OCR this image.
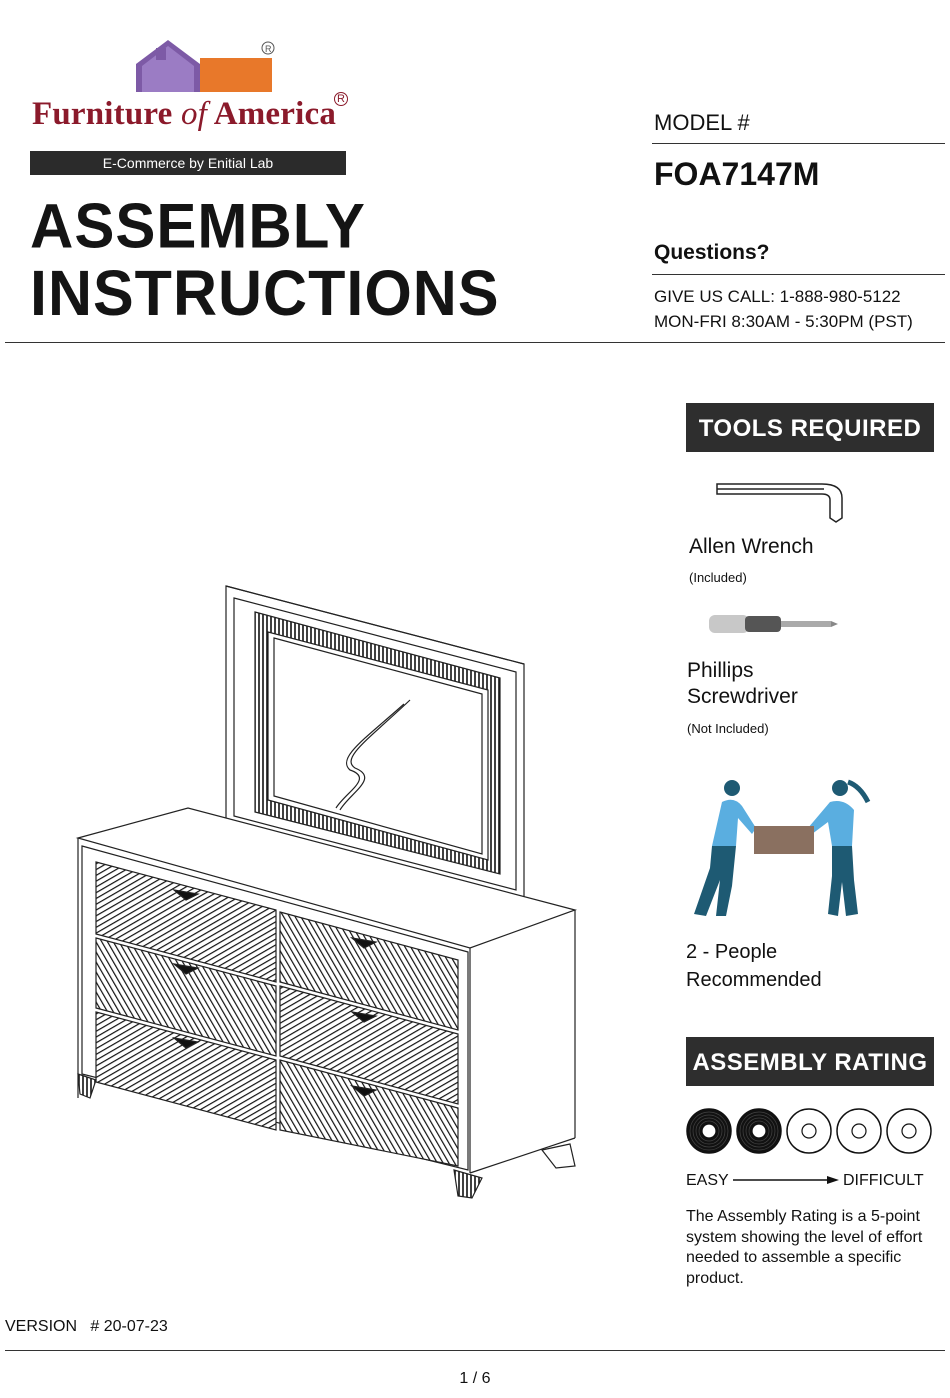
R
Furniture of America R
E-Commerce by Enitial Lab
ASSEMBLY
INSTRUCTIONS
MODEL #
FOA7147M
Questions?
GIVE US CALL: 1-888-980-5122
MON-FRI 8:30AM - 5:30PM (PST)
TOOLS REQUIRED
Allen Wrench
(Included)
Phillips
Screwdriver
(Not Included)
2 - People
Recommended
ASSEMBLY RATING
EASY	DIFFICULT
The Assembly Rating is a 5-point system showing the level of effort needed to assemble a specific product.
VERSION   # 20-07-23
1 / 6
